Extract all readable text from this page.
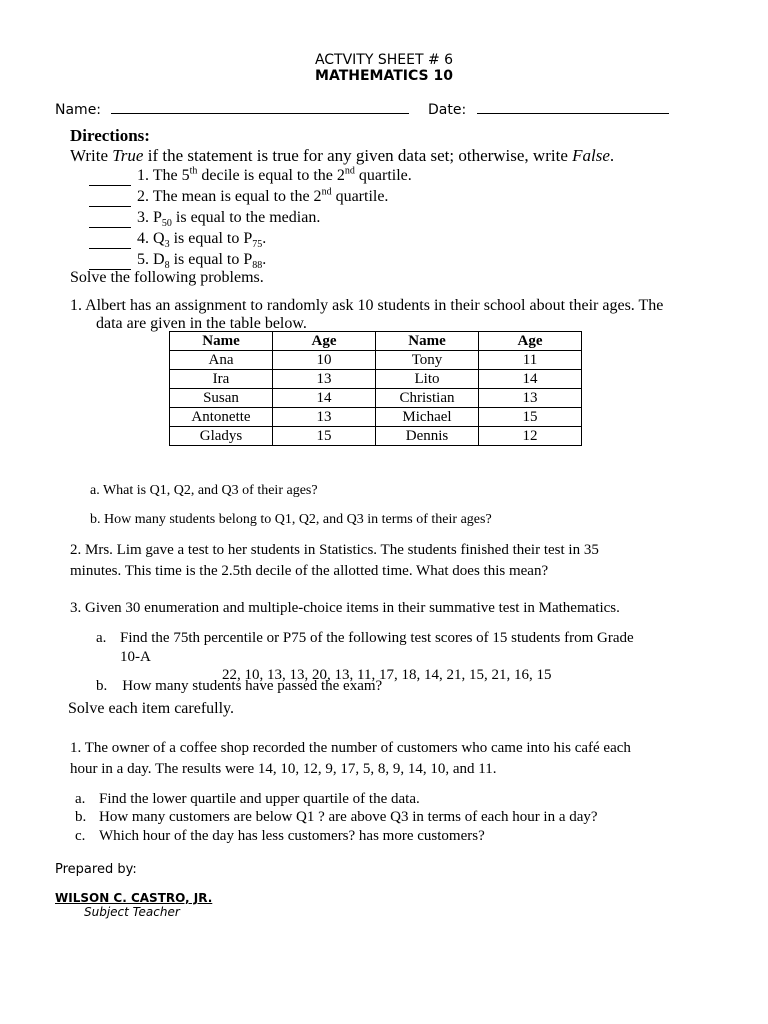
ACTVITY SHEET # 6
MATHEMATICS 10
Name:	Date:
Directions:
Write True if the statement is true for any given data set; otherwise, write False.
1. The 5th decile is equal to the 2nd quartile.
2. The mean is equal to the 2nd quartile.
3. $P_{50}$ is equal to the median.
4. $Q_3$ is equal to $P_{75}$.
5. $D_8$ is equal to $P_{88}$.
Solve the following problems.
1. Albert has an assignment to randomly ask 10 students in their school about their ages. The
data are given in the table below.
Name	Age	Name	Age
Ana	10	Tony	11
Ira	13	Lito	14
Susan	14	Christian	13
Antonette	13	Michael	15
Gladys	15	Dennis	12
a. What is Q1, Q2, and Q3 of their ages?
b. How many students belong to Q1, Q2, and Q3 in terms of their ages?
2. Mrs. Lim gave a test to her students in Statistics. The students finished their test in 35
minutes. This time is the 2.5th decile of the allotted time. What does this mean?
3. Given 30 enumeration and multiple-choice items in their summative test in Mathematics.
a. Find the 75th percentile or P75 of the following test scores of 15 students from Grade
10-A
22, 10, 13, 13, 20, 13, 11, 17, 18, 14, 21, 15, 21, 16, 15
b. How many students have passed the exam?
Solve each item carefully.
1. The owner of a coffee shop recorded the number of customers who came into his café each
hour in a day. The results were 14, 10, 12, 9, 17, 5, 8, 9, 14, 10, and 11.
a. Find the lower quartile and upper quartile of the data.
b. How many customers are below Q1 ? are above Q3 in terms of each hour in a day?
c. Which hour of the day has less customers? has more customers?
Prepared by:
WILSON C. CASTRO, JR.
Subject Teacher
